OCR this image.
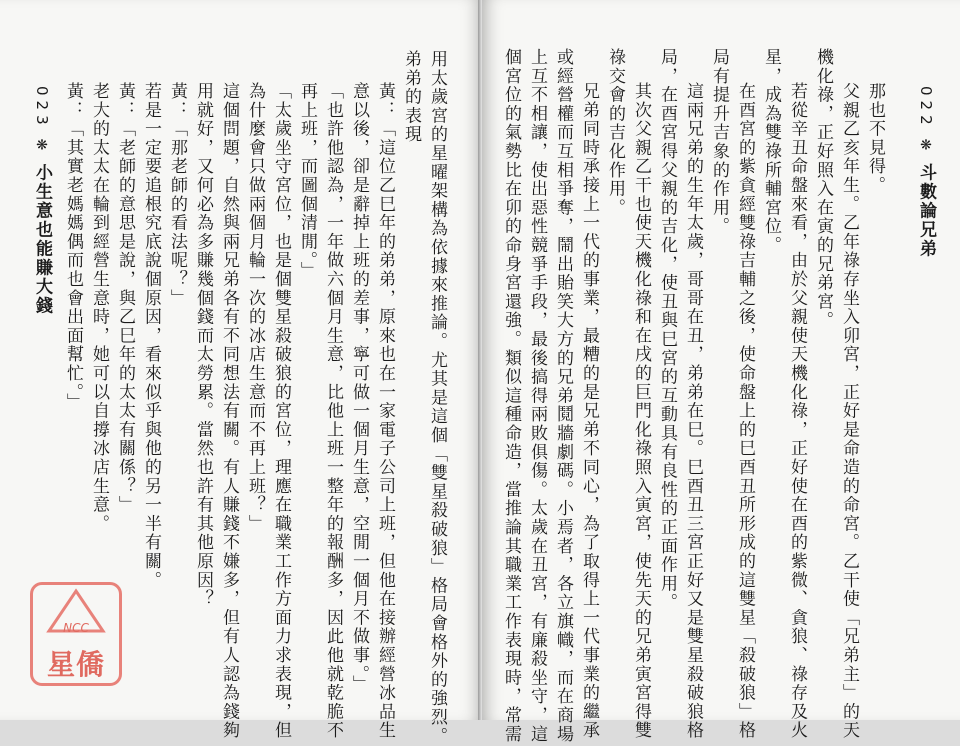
用太歲宮的星曜架構為依據來推論。尤其是這個「雙星殺破狼」格局會格外的強烈。
弟弟的表現
黃：「這位乙巳年的弟弟，原來也在一家電子公司上班，但他在接辦經營冰品生
意以後，卻是辭掉上班的差事，寧可做一個月生意，空閒一個月不做事。」
「也許他認為，一年做六個月生意，比他上班一整年的報酬多，因此他就乾脆不
再上班，而圖個清閒。」
「太歲坐守宮位，也是個雙星殺破狼的宮位，理應在職業工作方面力求表現，但
為什麼會只做兩個月輪一次的冰店生意而不再上班？」
這個問題，自然與兩兄弟各有不同想法有關。有人賺錢不嫌多，但有人認為錢夠
用就好，又何必為多賺幾個錢而太勞累。當然也許有其他原因？
黃：「那老師的看法呢？」
若是一定要追根究底說個原因，看來似乎與他的另一半有關。
黃：「老師的意思是說，與乙巳年的太太有關係？」
老大的太太在輪到經營生意時，她可以自撐冰店生意。
黃：「其實老媽媽偶而也會出面幫忙。」
023 ❋ 小生意也能賺大錢
NCC
星僑
022 ❋ 斗數論兄弟
那也不見得。
父親乙亥年生。乙年祿存坐入卯宮，正好是命造的命宮。乙干使「兄弟主」的天
機化祿，正好照入在寅的兄弟宮。
若從辛丑命盤來看，由於父親使天機化祿，正好使在酉的紫微、貪狼、祿存及火
星，成為雙祿所輔宮位。
在酉宮的紫貪經雙祿吉輔之後，使命盤上的巳酉丑所形成的這雙星「殺破狼」格
局有提升吉象的作用。
這兩兄弟的生年太歲，哥哥在丑，弟弟在巳。巳酉丑三宮正好又是雙星殺破狼格
局，在酉宮得父親的吉化，使丑與巳宮的互動具有良性的正面作用。
其次父親乙干也使天機化祿和在戌的巨門化祿照入寅宮，使先天的兄弟寅宮得雙
祿交會的吉化作用。
兄弟同時承接上一代的事業，最糟的是兄弟不同心，為了取得上一代事業的繼承
或經營權而互相爭奪，鬧出貽笑大方的兄弟鬩牆劇碼。小焉者，各立旗幟，而在商場
上互不相讓，使出惡性競爭手段，最後搞得兩敗俱傷。太歲在丑宮，有廉殺坐守，這
個宮位的氣勢比在卯的命身宮還強。類似這種命造，當推論其職業工作表現時，常需
